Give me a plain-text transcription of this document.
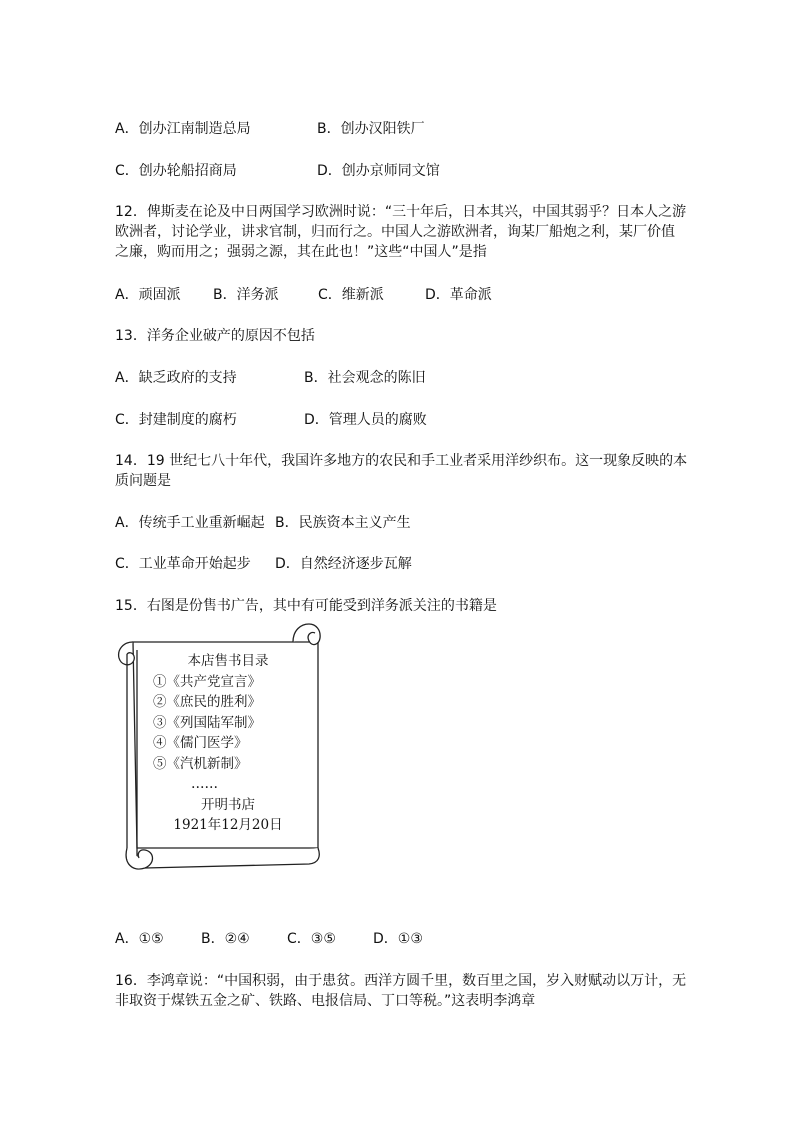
A．创办江南制造总局	B．创办汉阳铁厂
C．创办轮船招商局	D．创办京师同文馆
12．俾斯麦在论及中日两国学习欧洲时说：“三十年后，日本其兴，中国其弱乎？日本人之游
欧洲者，讨论学业，讲求官制，归而行之。中国人之游欧洲者，询某厂船炮之利，某厂价值
之廉，购而用之；强弱之源，其在此也！”这些“中国人”是指
A．顽固派 B．洋务派	C．维新派	D．革命派
13．洋务企业破产的原因不包括
A．缺乏政府的支持	B．社会观念的陈旧
C．封建制度的腐朽	D．管理人员的腐败
14．19 世纪七八十年代，我国许多地方的农民和手工业者采用洋纱织布。这一现象反映的本
质问题是
A．传统手工业重新崛起 B．民族资本主义产生
C．工业革命开始起步 D．自然经济逐步瓦解
15．右图是份售书广告，其中有可能受到洋务派关注的书籍是
本店售书目录
①《共产党宣言》
②《庶民的胜利》
③《列国陆军制》
④《儒门医学》
⑤《汽机新制》
……
开明书店
1921年12月20日
A．①⑤	B．②④	C．③⑤	D．①③
16．李鸿章说：“中国积弱，由于患贫。西洋方圆千里，数百里之国，岁入财赋动以万计，无
非取资于煤铁五金之矿、铁路、电报信局、丁口等税。”这表明李鸿章
